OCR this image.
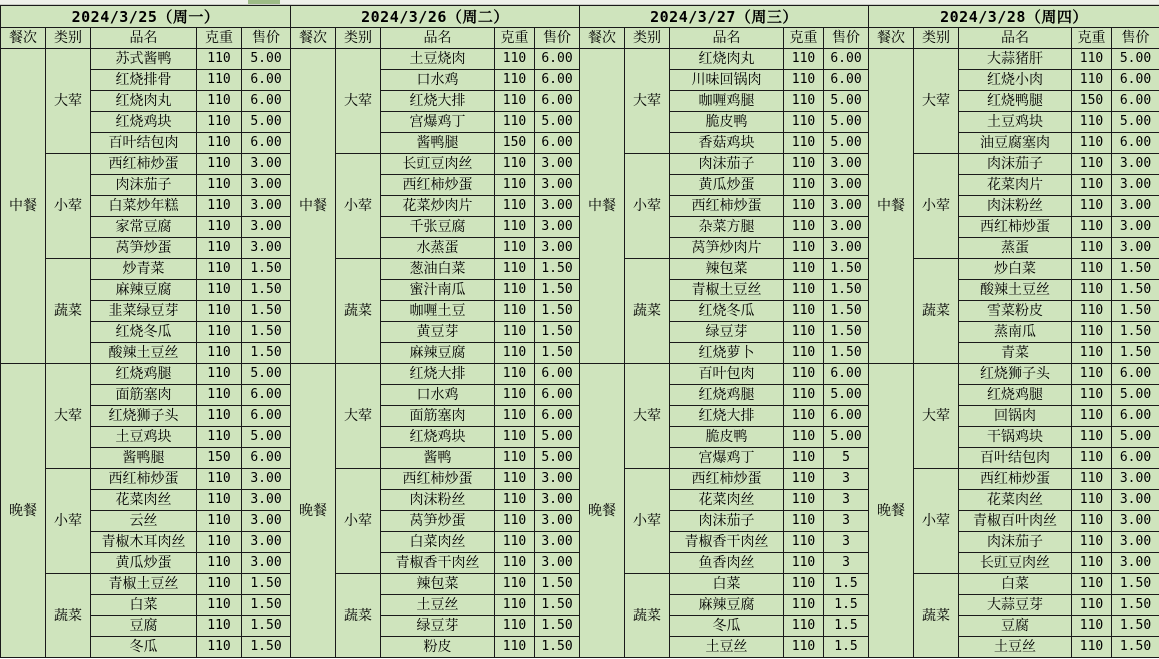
2024/3/25（周一）				
餐次	类别	品名	克重	售价
中餐	大荤	苏式酱鸭	110	5.00
		红烧排骨	110	6.00
		红烧肉丸	110	6.00
		红烧鸡块	110	5.00
		百叶结包肉	110	6.00
	小荤	西红柿炒蛋	110	3.00
		肉沫茄子	110	3.00
		白菜炒年糕	110	3.00
		家常豆腐	110	3.00
		莴笋炒蛋	110	3.00
	蔬菜	炒青菜	110	1.50
		麻辣豆腐	110	1.50
		韭菜绿豆芽	110	1.50
		红烧冬瓜	110	1.50
		酸辣土豆丝	110	1.50
晚餐	大荤	红烧鸡腿	110	5.00
		面筋塞肉	110	6.00
		红烧狮子头	110	6.00
		土豆鸡块	110	5.00
		酱鸭腿	150	6.00
	小荤	西红柿炒蛋	110	3.00
		花菜肉丝	110	3.00
		云丝	110	3.00
		青椒木耳肉丝	110	3.00
		黄瓜炒蛋	110	3.00
	蔬菜	青椒土豆丝	110	1.50
		白菜	110	1.50
		豆腐	110	1.50
		冬瓜	110	1.50
2024/3/26（周二）				
餐次	类别	品名	克重	售价
中餐	大荤	土豆烧肉	110	6.00
		口水鸡	110	6.00
		红烧大排	110	6.00
		宫爆鸡丁	110	5.00
		酱鸭腿	150	6.00
	小荤	长豇豆肉丝	110	3.00
		西红柿炒蛋	110	3.00
		花菜炒肉片	110	3.00
		千张豆腐	110	3.00
		水蒸蛋	110	3.00
	蔬菜	葱油白菜	110	1.50
		蜜汁南瓜	110	1.50
		咖喱土豆	110	1.50
		黄豆芽	110	1.50
		麻辣豆腐	110	1.50
晚餐	大荤	红烧大排	110	6.00
		口水鸡	110	6.00
		面筋塞肉	110	6.00
		红烧鸡块	110	5.00
		酱鸭	110	5.00
	小荤	西红柿炒蛋	110	3.00
		肉沫粉丝	110	3.00
		莴笋炒蛋	110	3.00
		白菜肉丝	110	3.00
		青椒香干肉丝	110	3.00
	蔬菜	辣包菜	110	1.50
		土豆丝	110	1.50
		绿豆芽	110	1.50
		粉皮	110	1.50
2024/3/27（周三）				
餐次	类别	品名	克重	售价
中餐	大荤	红烧肉丸	110	6.00
		川味回锅肉	110	6.00
		咖喱鸡腿	110	5.00
		脆皮鸭	110	5.00
		香菇鸡块	110	5.00
	小荤	肉沫茄子	110	3.00
		黄瓜炒蛋	110	3.00
		西红柿炒蛋	110	3.00
		杂菜方腿	110	3.00
		莴笋炒肉片	110	3.00
	蔬菜	辣包菜	110	1.50
		青椒土豆丝	110	1.50
		红烧冬瓜	110	1.50
		绿豆芽	110	1.50
		红烧萝卜	110	1.50
晚餐	大荤	百叶包肉	110	6.00
		红烧鸡腿	110	5.00
		红烧大排	110	6.00
		脆皮鸭	110	5.00
		宫爆鸡丁	110	5
	小荤	西红柿炒蛋	110	3
		花菜肉丝	110	3
		肉沫茄子	110	3
		青椒香干肉丝	110	3
		鱼香肉丝	110	3
	蔬菜	白菜	110	1.5
		麻辣豆腐	110	1.5
		冬瓜	110	1.5
		土豆丝	110	1.5
2024/3/28（周四）				
餐次	类别	品名	克重	售价
中餐	大荤	大蒜猪肝	110	5.00
		红烧小肉	110	6.00
		红烧鸭腿	150	6.00
		土豆鸡块	110	5.00
		油豆腐塞肉	110	6.00
	小荤	肉沫茄子	110	3.00
		花菜肉片	110	3.00
		肉沫粉丝	110	3.00
		西红柿炒蛋	110	3.00
		蒸蛋	110	3.00
	蔬菜	炒白菜	110	1.50
		酸辣土豆丝	110	1.50
		雪菜粉皮	110	1.50
		蒸南瓜	110	1.50
		青菜	110	1.50
晚餐	大荤	红烧狮子头	110	6.00
		红烧鸡腿	110	5.00
		回锅肉	110	6.00
		干锅鸡块	110	5.00
		百叶结包肉	110	6.00
	小荤	西红柿炒蛋	110	3.00
		花菜肉丝	110	3.00
		青椒百叶肉丝	110	3.00
		肉沫茄子	110	3.00
		长豇豆肉丝	110	3.00
	蔬菜	白菜	110	1.50
		大蒜豆芽	110	1.50
		豆腐	110	1.50
		土豆丝	110	1.50
